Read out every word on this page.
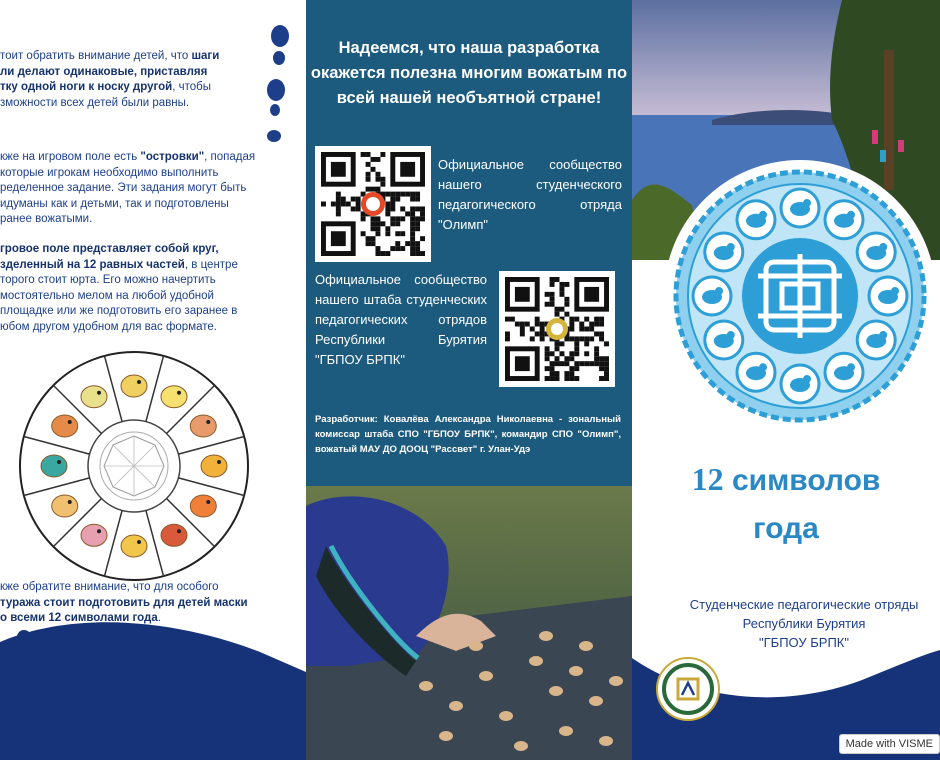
тоит обратить внимание детей, что шаги
ли делают одинаковые, приставляя
тку одной ноги к носку другой, чтобы
зможности всех детей были равны.

кже на игровом поле есть "островки", попадая
которые игрокам необходимо выполнить
ределенное задание. Эти задания могут быть
идуманы как и детьми, так и подготовлены
ранее вожатыми.

гровое поле представляет собой круг,
зделенный на 12 равных частей, в центре
торого стоит юрта. Его можно начертить
мостоятельно мелом на любой удобной
площадке или же подготовить его заранее в
юбом другом удобном для вас формате.

кже обратите внимание, что для особого
туража стоит подготовить для детей маски
о всеми 12 символами года.

Надеемся, что наша разработка окажется полезна многим вожатым по всей нашей необъятной стране!

Официальное сообщество нашего студенческого педагогического отряда "Олимп"

Официальное сообщество нашего штаба студенческих педагогических отрядов Республики Бурятия "ГБПОУ БРПК"

Разработчик: Ковалёва Александра Николаевна - зональный комиссар штаба СПО "ГБПОУ БРПК", командир СПО "Олимп", вожатый МАУ ДО ДООЦ "Рассвет" г. Улан-Удэ

12 символов
года
Студенческие педагогические отряды
Республики Бурятия
"ГБПОУ БРПК"
Made with VISME
